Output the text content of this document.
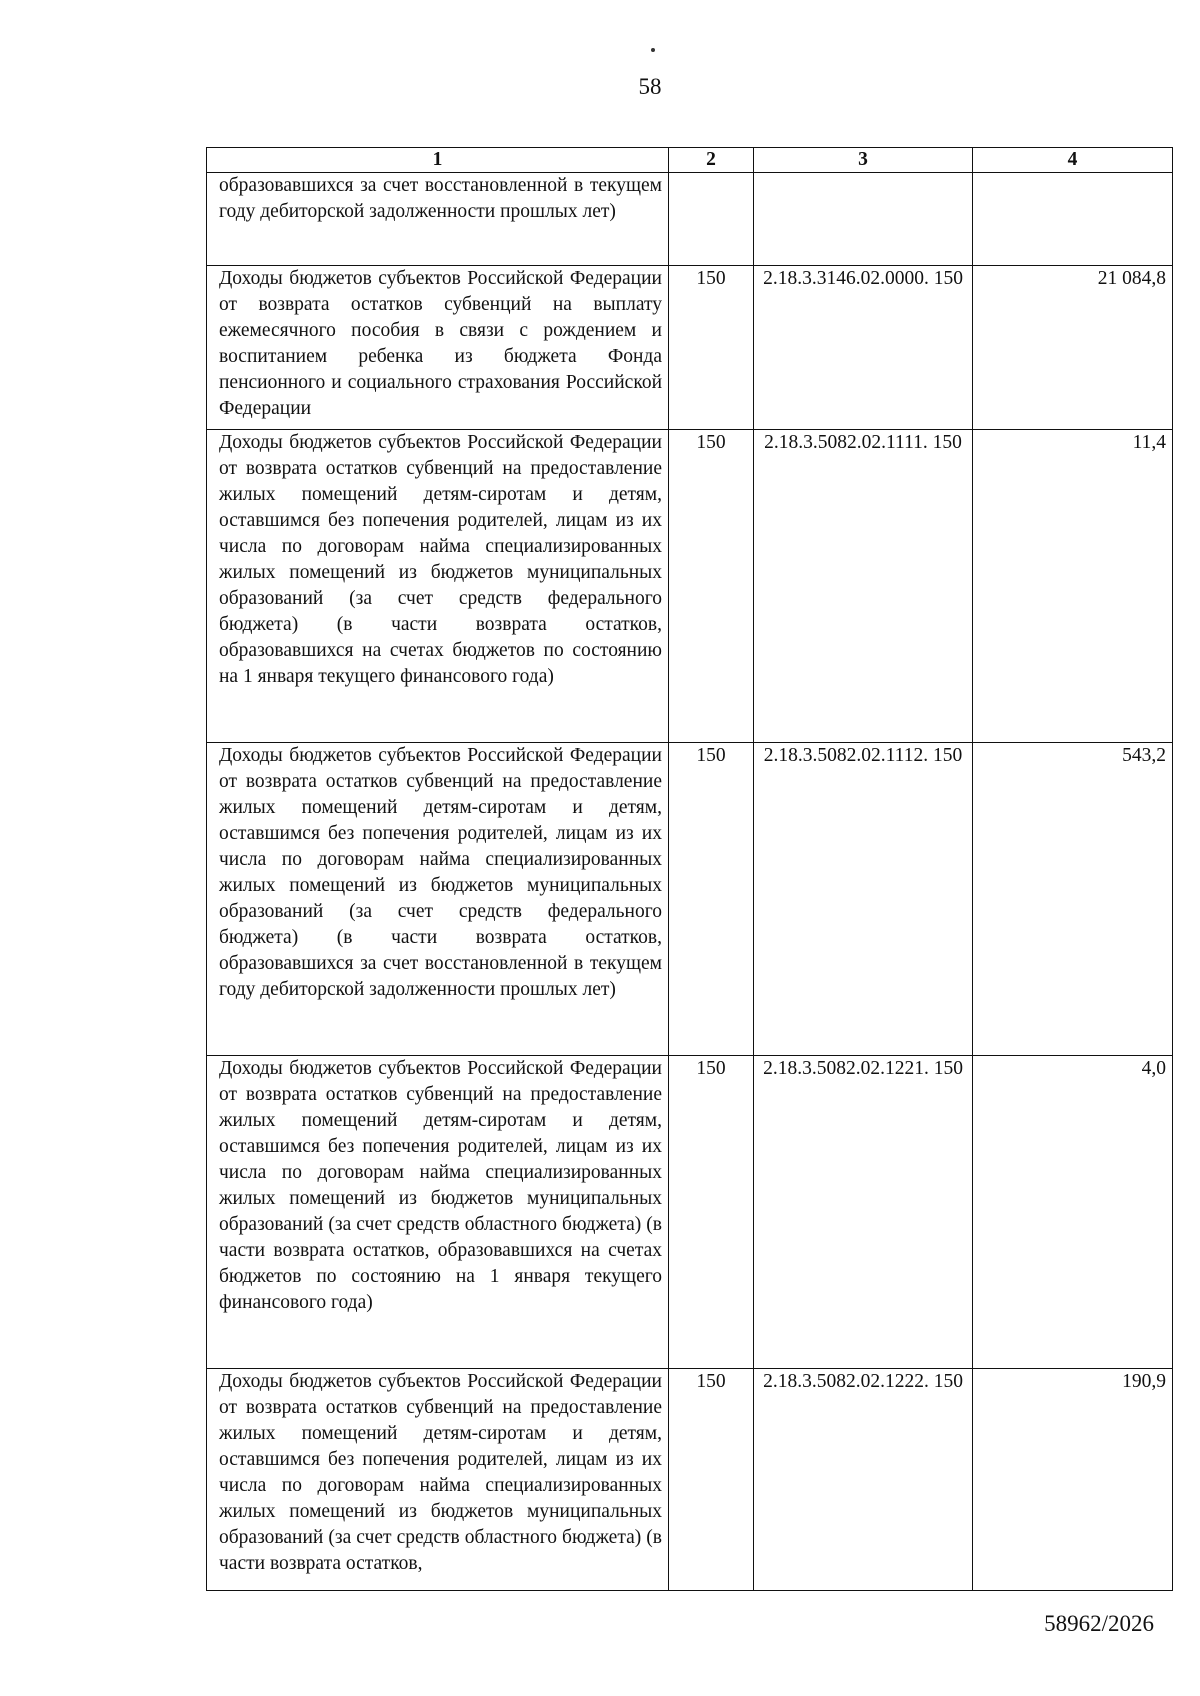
58
1	2	3	4
образовавшихся за счет восстановленной в текущем году дебиторской задолженности прошлых лет)			
Доходы бюджетов субъектов Российской Федерации от возврата остатков субвенций на выплату ежемесячного пособия в связи с рождением и воспитанием ребенка из бюджета Фонда пенсионного и социального страхования Российской Федерации	150	2.18.3.3146.02.0000. 150	21 084,8
Доходы бюджетов субъектов Российской Федерации от возврата остатков субвенций на предоставление жилых помещений детям-сиротам и детям, оставшимся без попечения родителей, лицам из их числа по договорам найма специализированных жилых помещений из бюджетов муниципальных образований (за счет средств федерального бюджета) (в части возврата остатков, образовавшихся на счетах бюджетов по состоянию на 1 января текущего финансового года)	150	2.18.3.5082.02.1111. 150	11,4
Доходы бюджетов субъектов Российской Федерации от возврата остатков субвенций на предоставление жилых помещений детям-сиротам и детям, оставшимся без попечения родителей, лицам из их числа по договорам найма специализированных жилых помещений из бюджетов муниципальных образований (за счет средств федерального бюджета) (в части возврата остатков, образовавшихся за счет восстановленной в текущем году дебиторской задолженности прошлых лет)	150	2.18.3.5082.02.1112. 150	543,2
Доходы бюджетов субъектов Российской Федерации от возврата остатков субвенций на предоставление жилых помещений детям-сиротам и детям, оставшимся без попечения родителей, лицам из их числа по договорам найма специализированных жилых помещений из бюджетов муниципальных образований (за счет средств областного бюджета) (в части возврата остатков, образовавшихся на счетах бюджетов по состоянию на 1 января текущего финансового года)	150	2.18.3.5082.02.1221. 150	4,0
Доходы бюджетов субъектов Российской Федерации от возврата остатков субвенций на предоставление жилых помещений детям-сиротам и детям, оставшимся без попечения родителей, лицам из их числа по договорам найма специализированных жилых помещений из бюджетов муниципальных образований (за счет средств областного бюджета) (в части возврата остатков,	150	2.18.3.5082.02.1222. 150	190,9
58962/2026
